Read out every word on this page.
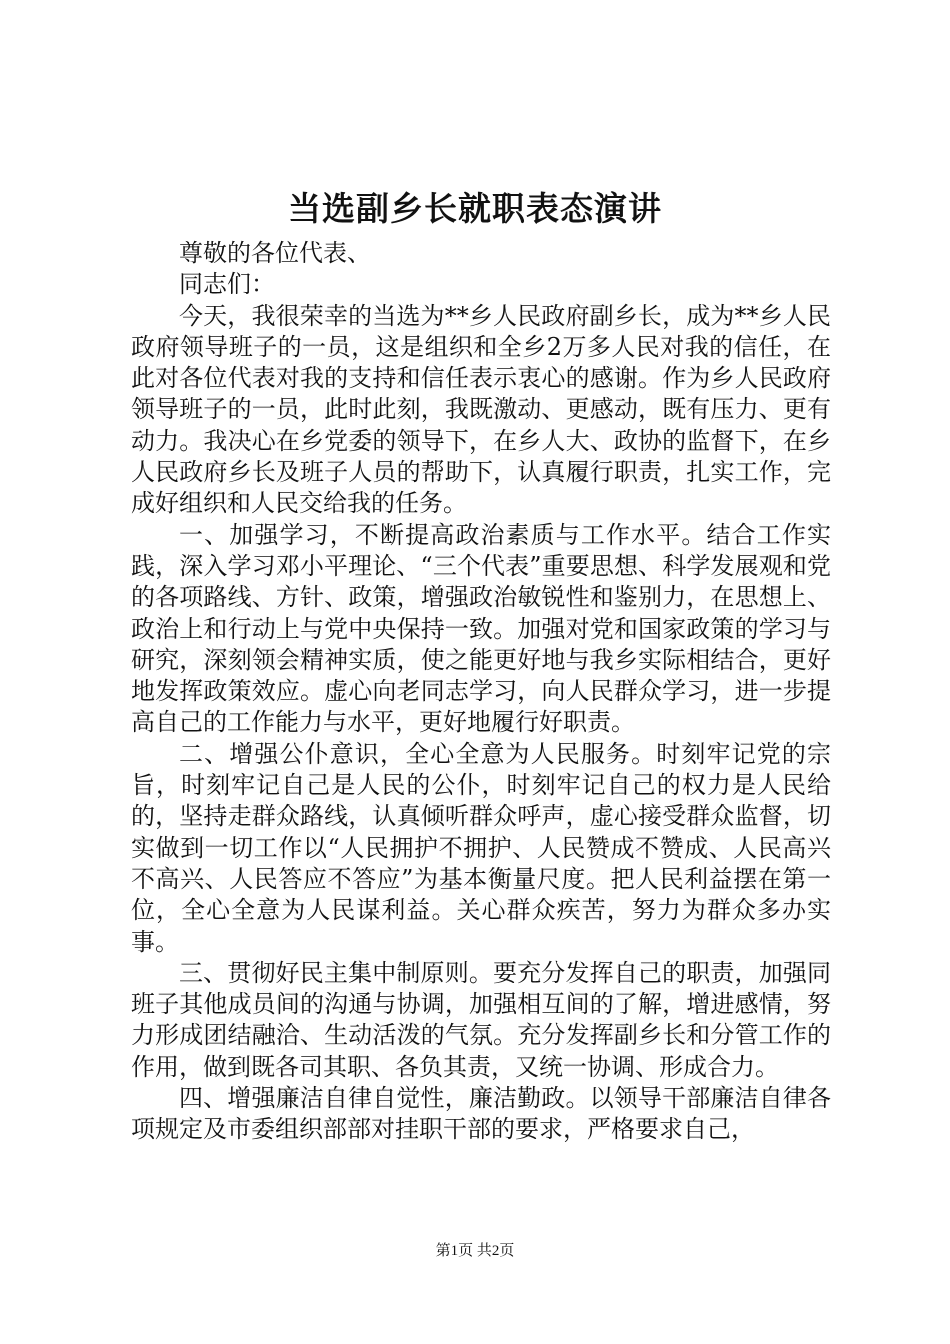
当选副乡长就职表态演讲

尊敬的各位代表、

同志们：

今天，我很荣幸的当选为**乡人民政府副乡长，成为**乡人民政府领导班子的一员，这是组织和全乡2万多人民对我的信任，在此对各位代表对我的支持和信任表示衷心的感谢。作为乡人民政府领导班子的一员，此时此刻，我既激动、更感动，既有压力、更有动力。我决心在乡党委的领导下，在乡人大、政协的监督下，在乡人民政府乡长及班子人员的帮助下，认真履行职责，扎实工作，完成好组织和人民交给我的任务。

一、加强学习，不断提高政治素质与工作水平。结合工作实践，深入学习邓小平理论、“三个代表”重要思想、科学发展观和党的各项路线、方针、政策，增强政治敏锐性和鉴别力，在思想上、政治上和行动上与党中央保持一致。加强对党和国家政策的学习与研究，深刻领会精神实质，使之能更好地与我乡实际相结合，更好地发挥政策效应。虚心向老同志学习，向人民群众学习，进一步提高自己的工作能力与水平，更好地履行好职责。

二、增强公仆意识，全心全意为人民服务。时刻牢记党的宗旨，时刻牢记自己是人民的公仆，时刻牢记自己的权力是人民给的，坚持走群众路线，认真倾听群众呼声，虚心接受群众监督，切实做到一切工作以“人民拥护不拥护、人民赞成不赞成、人民高兴不高兴、人民答应不答应”为基本衡量尺度。把人民利益摆在第一位，全心全意为人民谋利益。关心群众疾苦，努力为群众多办实事。

三、贯彻好民主集中制原则。要充分发挥自己的职责，加强同班子其他成员间的沟通与协调，加强相互间的了解，增进感情，努力形成团结融洽、生动活泼的气氛。充分发挥副乡长和分管工作的作用，做到既各司其职、各负其责，又统一协调、形成合力。

四、增强廉洁自律自觉性，廉洁勤政。以领导干部廉洁自律各项规定及市委组织部部对挂职干部的要求，严格要求自己，

第1页 共2页
